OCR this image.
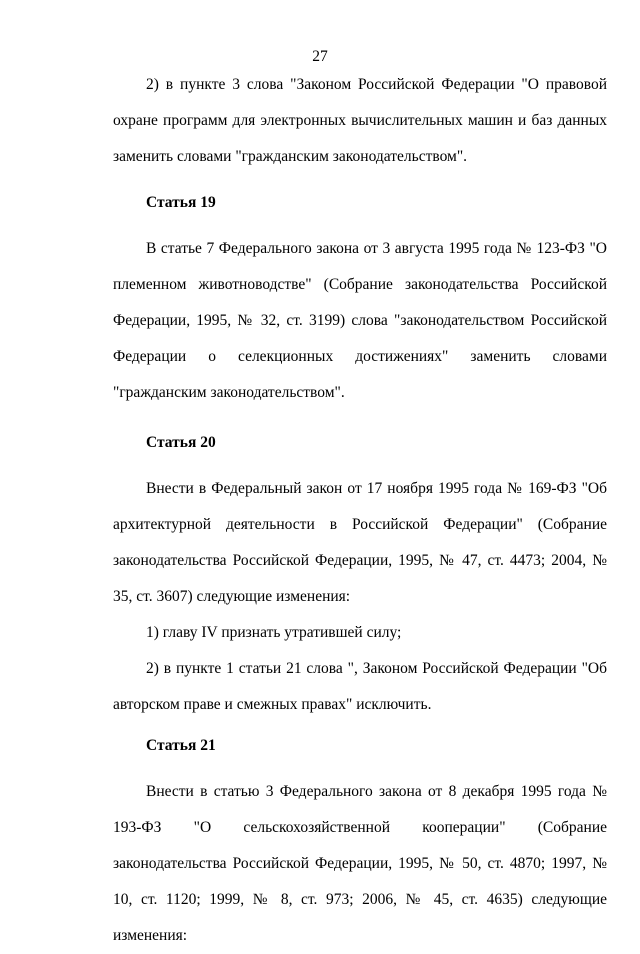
27

2) в пункте 3 слова "Законом Российской Федерации "О правовой охране программ для электронных вычислительных машин и баз данных заменить словами "гражданским законодательством".

Статья 19

В статье 7 Федерального закона от 3 августа 1995 года № 123-ФЗ "О племенном животноводстве" (Собрание законодательства Российской Федерации, 1995, № 32, ст. 3199) слова "законодательством Российской Федерации о селекционных достижениях" заменить словами "гражданским законодательством".

Статья 20

Внести в Федеральный закон от 17 ноября 1995 года № 169-ФЗ "Об архитектурной деятельности в Российской Федерации" (Собрание законодательства Российской Федерации, 1995, № 47, ст. 4473; 2004, № 35, ст. 3607) следующие изменения:

1) главу IV признать утратившей силу;

2) в пункте 1 статьи 21 слова ", Законом Российской Федерации "Об авторском праве и смежных правах" исключить.

Статья 21

Внести в статью 3 Федерального закона от 8 декабря 1995 года № 193-ФЗ "О сельскохозяйственной кооперации" (Собрание законодательства Российской Федерации, 1995, № 50, ст. 4870; 1997, № 10, ст. 1120; 1999, № 8, ст. 973; 2006, № 45, ст. 4635) следующие изменения:
